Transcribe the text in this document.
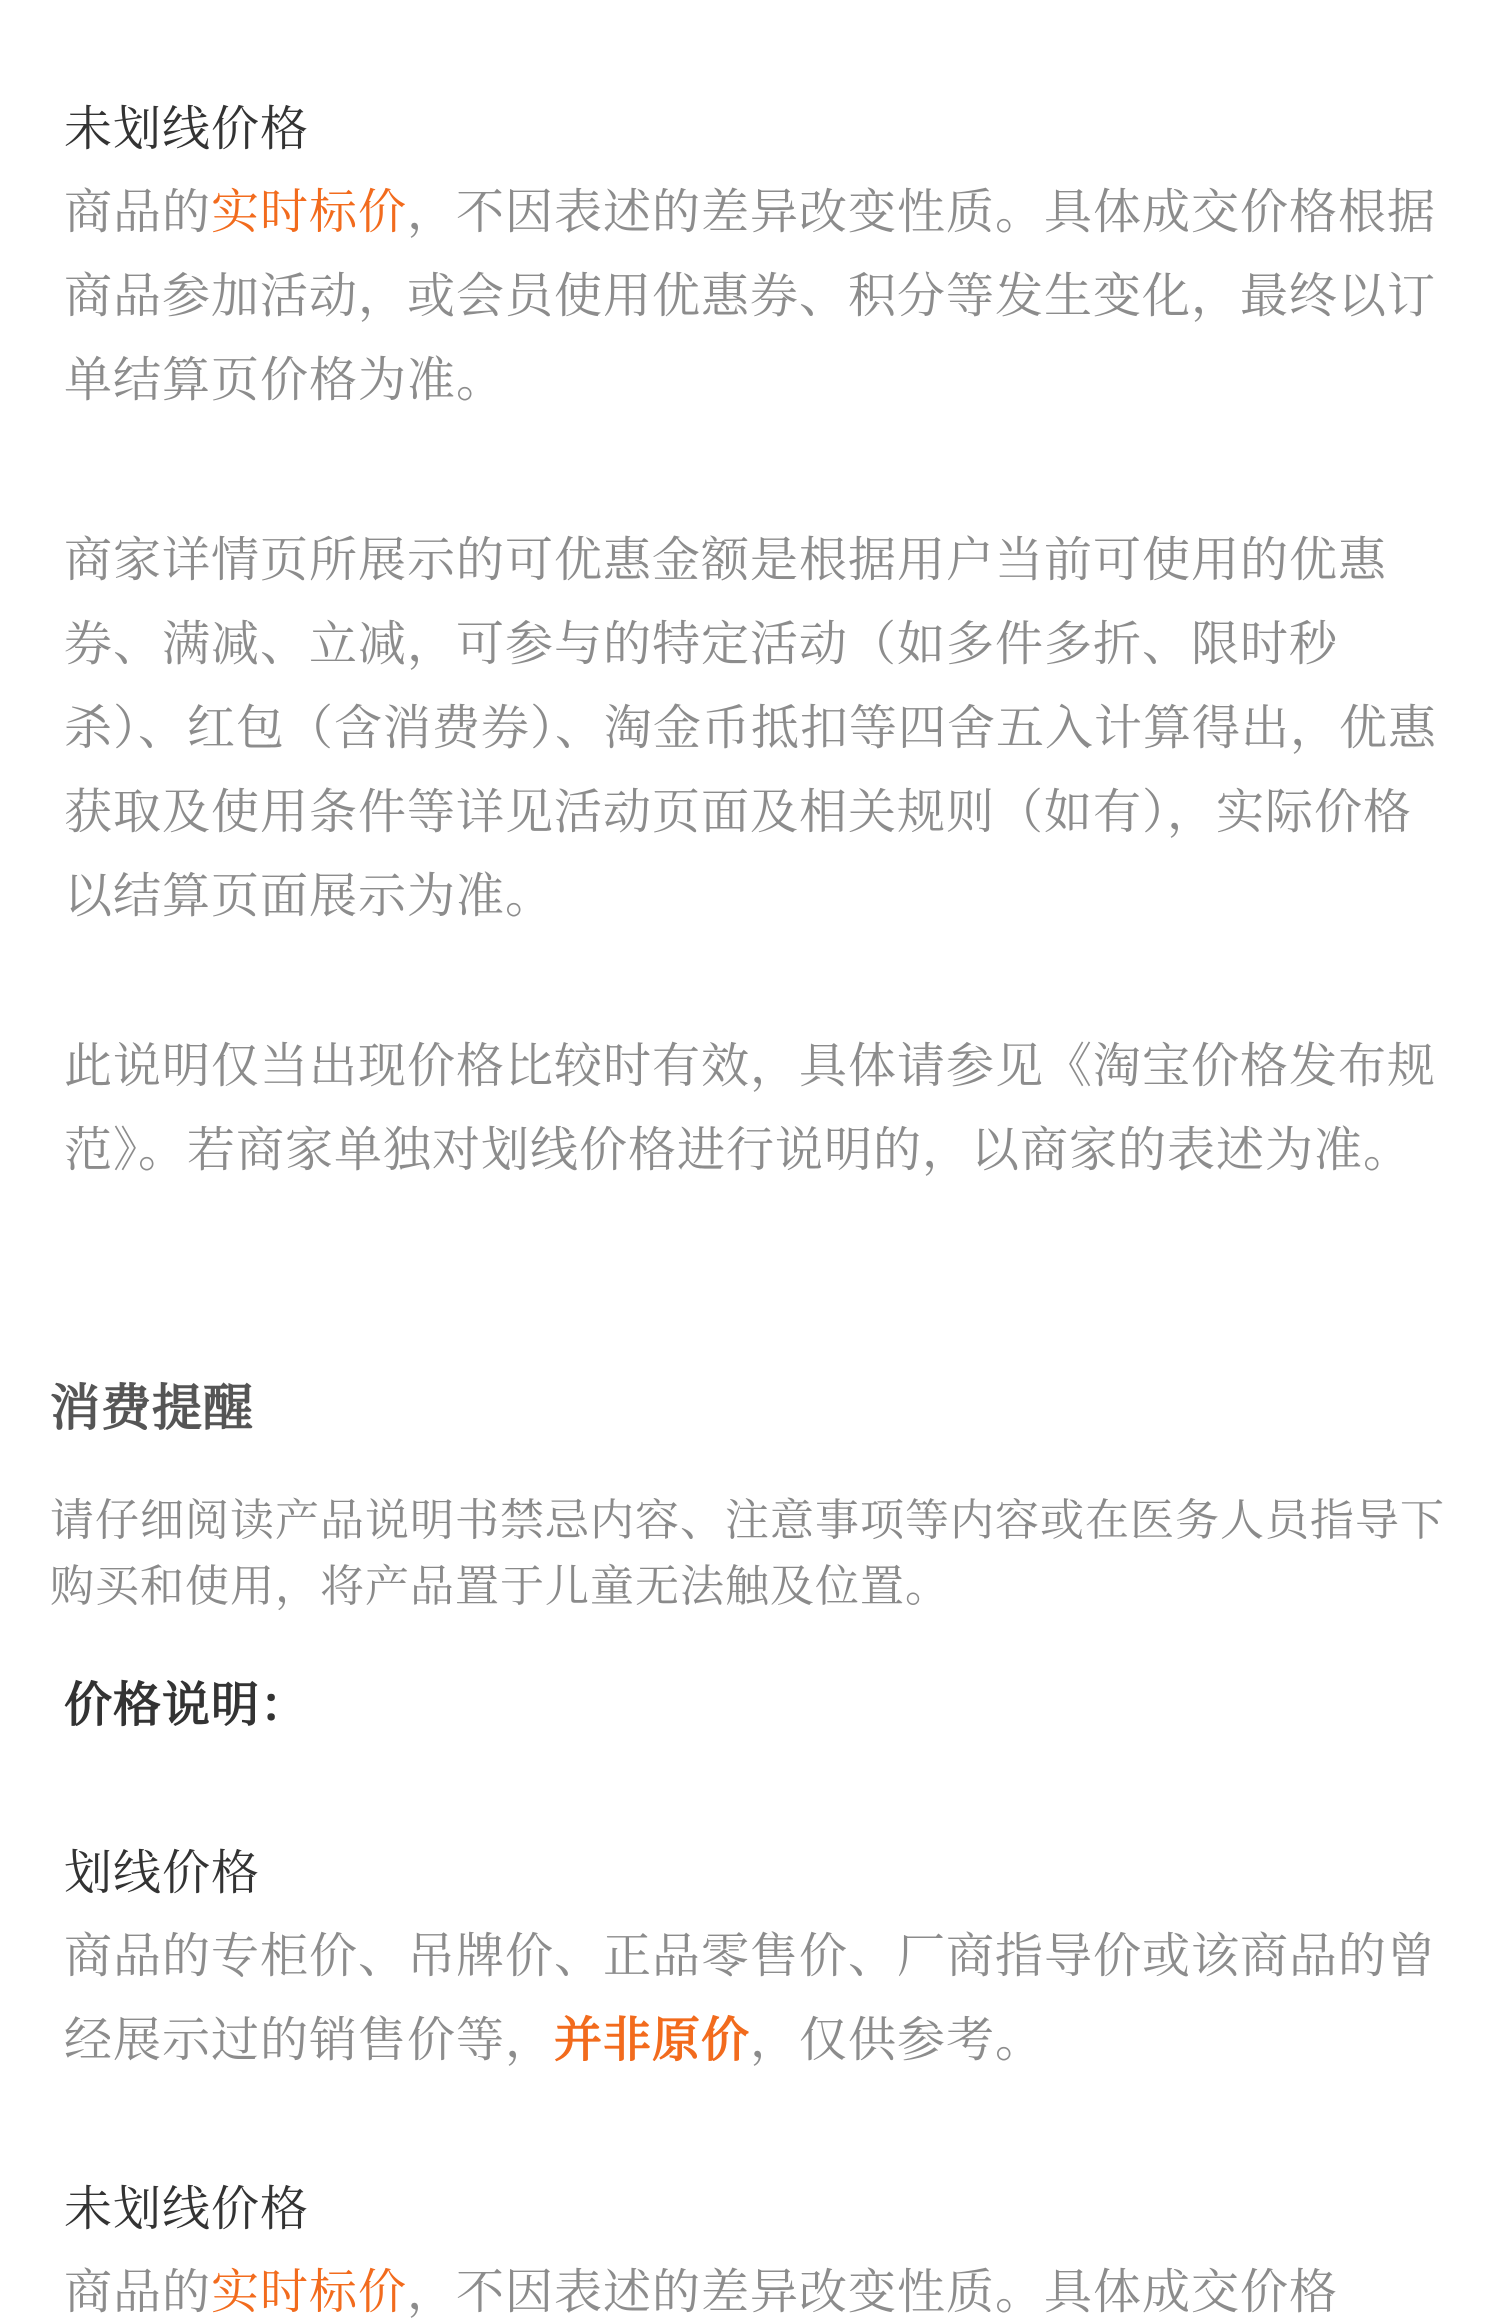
未划线价格

商品的实时标价，不因表述的差异改变性质。具体成交价格根据商品参加活动，或会员使用优惠券、积分等发生变化，最终以订单结算页价格为准。

商家详情页所展示的可优惠金额是根据用户当前可使用的优惠券、满减、立减，可参与的特定活动（如多件多折、限时秒杀）、红包（含消费券）、淘金币抵扣等四舍五入计算得出，优惠获取及使用条件等详见活动页面及相关规则（如有），实际价格以结算页面展示为准。

此说明仅当出现价格比较时有效，具体请参见《淘宝价格发布规范》。若商家单独对划线价格进行说明的，以商家的表述为准。

消费提醒

请仔细阅读产品说明书禁忌内容、注意事项等内容或在医务人员指导下购买和使用，将产品置于儿童无法触及位置。

价格说明：
划线价格

商品的专柜价、吊牌价、正品零售价、厂商指导价或该商品的曾经展示过的销售价等，并非原价，仅供参考。

未划线价格

商品的实时标价，不因表述的差异改变性质。具体成交价格
